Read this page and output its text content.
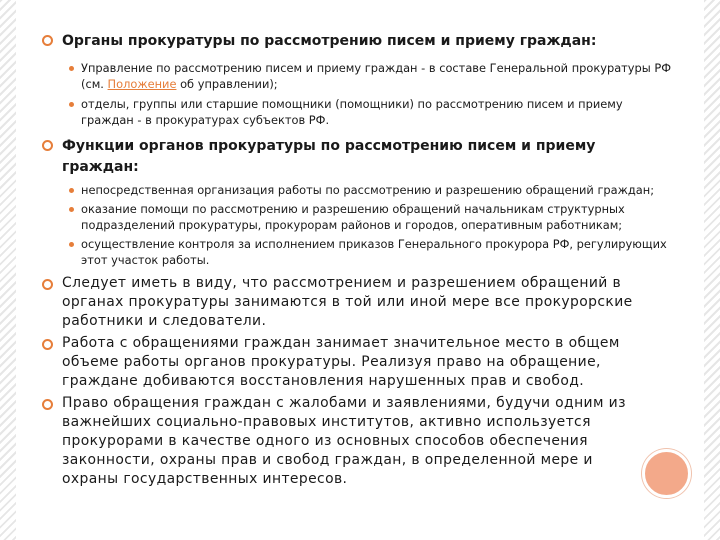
Органы прокуратуры по рассмотрению писем и приему граждан:
Управление по рассмотрению писем и приему граждан - в составе Генеральной прокуратуры РФ (см. Положение об управлении);
отделы, группы или старшие помощники (помощники) по рассмотрению писем и приему граждан - в прокуратурах субъектов РФ.
Функции органов прокуратуры по рассмотрению писем и приему граждан:
непосредственная организация работы по рассмотрению и разрешению обращений граждан;
оказание помощи по рассмотрению и разрешению обращений начальникам структурных подразделений прокуратуры, прокурорам районов и городов, оперативным работникам;
осуществление контроля за исполнением приказов Генерального прокурора РФ, регулирующих этот участок работы.
Следует иметь в виду, что рассмотрением и разрешением обращений в органах прокуратуры занимаются в той или иной мере все прокурорские работники и следователи.
Работа с обращениями граждан занимает значительное место в общем объеме работы органов прокуратуры. Реализуя право на обращение, граждане добиваются восстановления нарушенных прав и свобод.
Право обращения граждан с жалобами и заявлениями, будучи одним из важнейших социально-правовых институтов, активно используется прокурорами в качестве одного из основных способов обеспечения законности, охраны прав и свобод граждан, в определенной мере и охраны государственных интересов.
